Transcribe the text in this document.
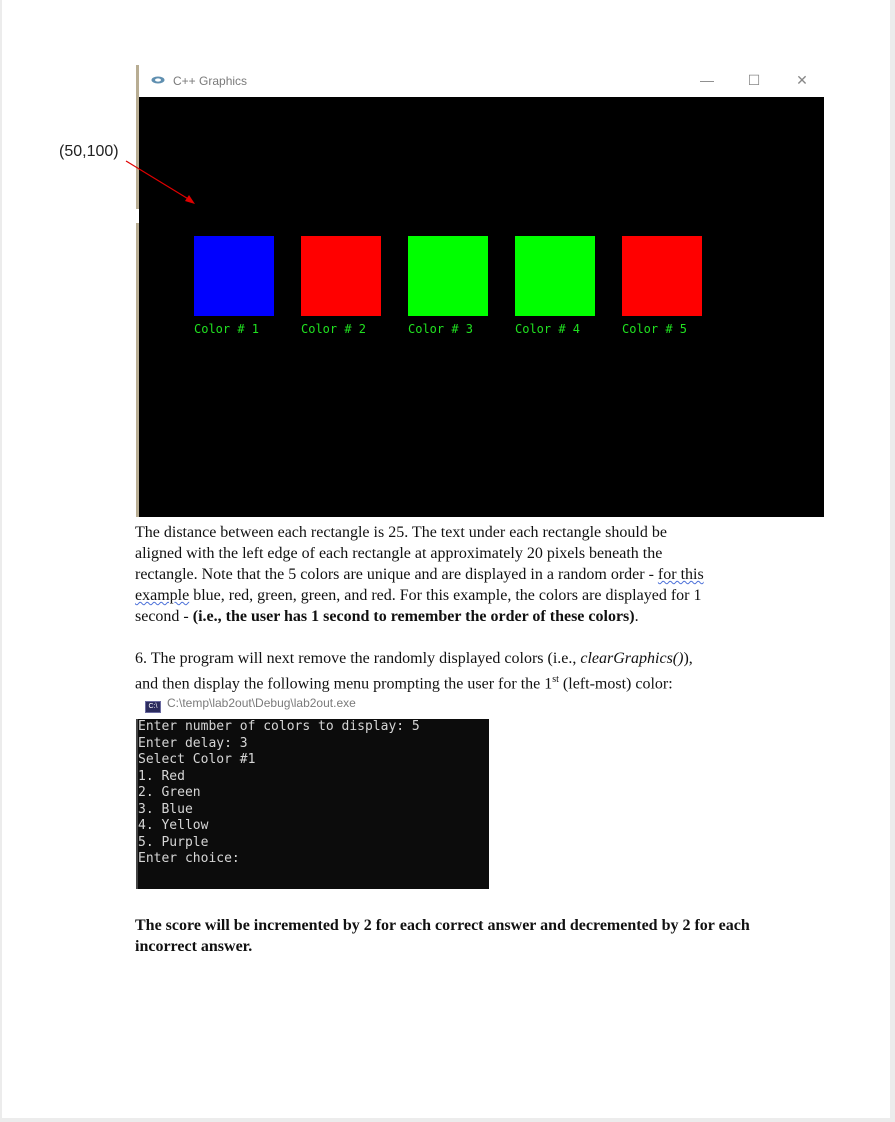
C++ Graphics	—	☐	✕
Color # 1	Color # 2	Color # 3	Color # 4	Color # 5
(50,100)
The distance between each rectangle is 25. The text under each rectangle should be
aligned with the left edge of each rectangle at approximately 20 pixels beneath the
rectangle. Note that the 5 colors are unique and are displayed in a random order - for this
example blue, red, green, green, and red. For this example, the colors are displayed for 1
second - (i.e., the user has 1 second to remember the order of these colors).
6. The program will next remove the randomly displayed colors (i.e., clearGraphics()),
and then display the following menu prompting the user for the 1st (left-most) color:
C:\ C:\temp\lab2out\Debug\lab2out.exe
Enter number of colors to display: 5
Enter delay: 3
Select Color #1
1. Red
2. Green
3. Blue
4. Yellow
5. Purple
Enter choice:
The score will be incremented by 2 for each correct answer and decremented by 2 for each incorrect answer.
